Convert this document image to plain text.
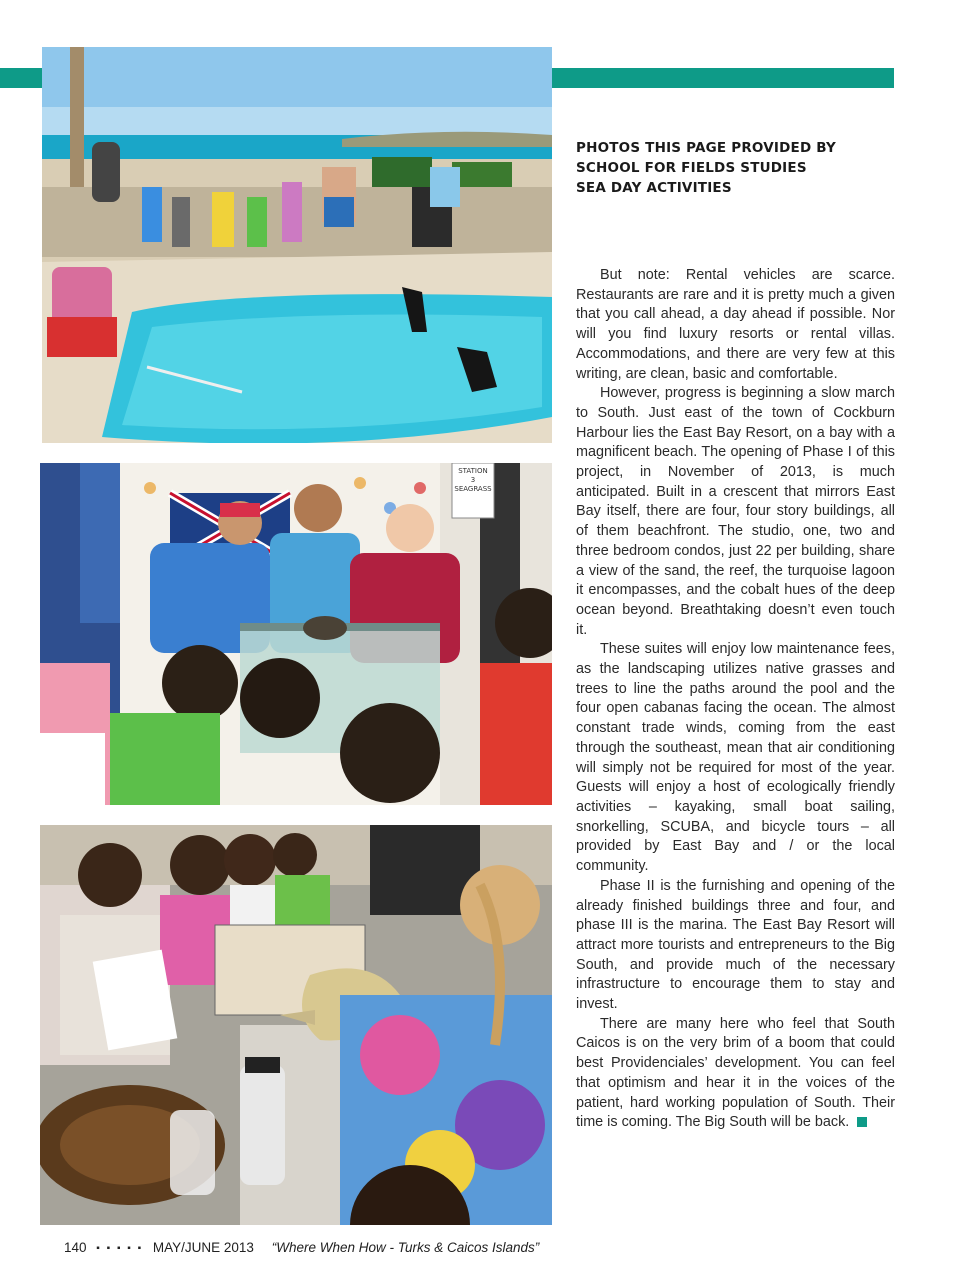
STATION
3
SEAGRASS
PHOTOS THIS PAGE PROVIDED BY
SCHOOL FOR FIELDS STUDIES
SEA DAY ACTIVITIES

But note: Rental vehicles are scarce. Restaurants are rare and it is pretty much a given that you call ahead, a day ahead if possible. Nor will you find luxury resorts or rental villas. Accommodations, and there are very few at this writing, are clean, basic and comfortable.

However, progress is beginning a slow march to South. Just east of the town of Cockburn Harbour lies the East Bay Resort, on a bay with a magnificent beach. The opening of Phase I of this project, in November of 2013, is much anticipated. Built in a crescent that mirrors East Bay itself, there are four, four story buildings, all of them beachfront. The studio, one, two and three bedroom condos, just 22 per building, share a view of the sand, the reef, the turquoise lagoon it encompasses, and the cobalt hues of the deep ocean beyond. Breathtaking doesn’t even touch it.

These suites will enjoy low maintenance fees, as the landscaping utilizes native grasses and trees to line the paths around the pool and the four open cabanas facing the ocean. The almost constant trade winds, coming from the east through the southeast, mean that air conditioning will simply not be required for most of the year. Guests will enjoy a host of ecologically friendly activities – kayaking, small boat sailing, snorkelling, SCUBA, and bicycle tours – all provided by East Bay and / or the local community.

Phase II is the furnishing and opening of the already finished buildings three and four, and phase III is the marina. The East Bay Resort will attract more tourists and entrepreneurs to the Big South, and provide much of the necessary infrastructure to encourage them to stay and invest.

There are many here who feel that South Caicos is on the very brim of a boom that could best Providenciales’ development. You can feel that optimism and hear it in the voices of the patient, hard working population of South. Their time is coming. The Big South will be back.

140 ▪ ▪ ▪ ▪ ▪ MAY/JUNE 2013 “Where When How - Turks & Caicos Islands”
